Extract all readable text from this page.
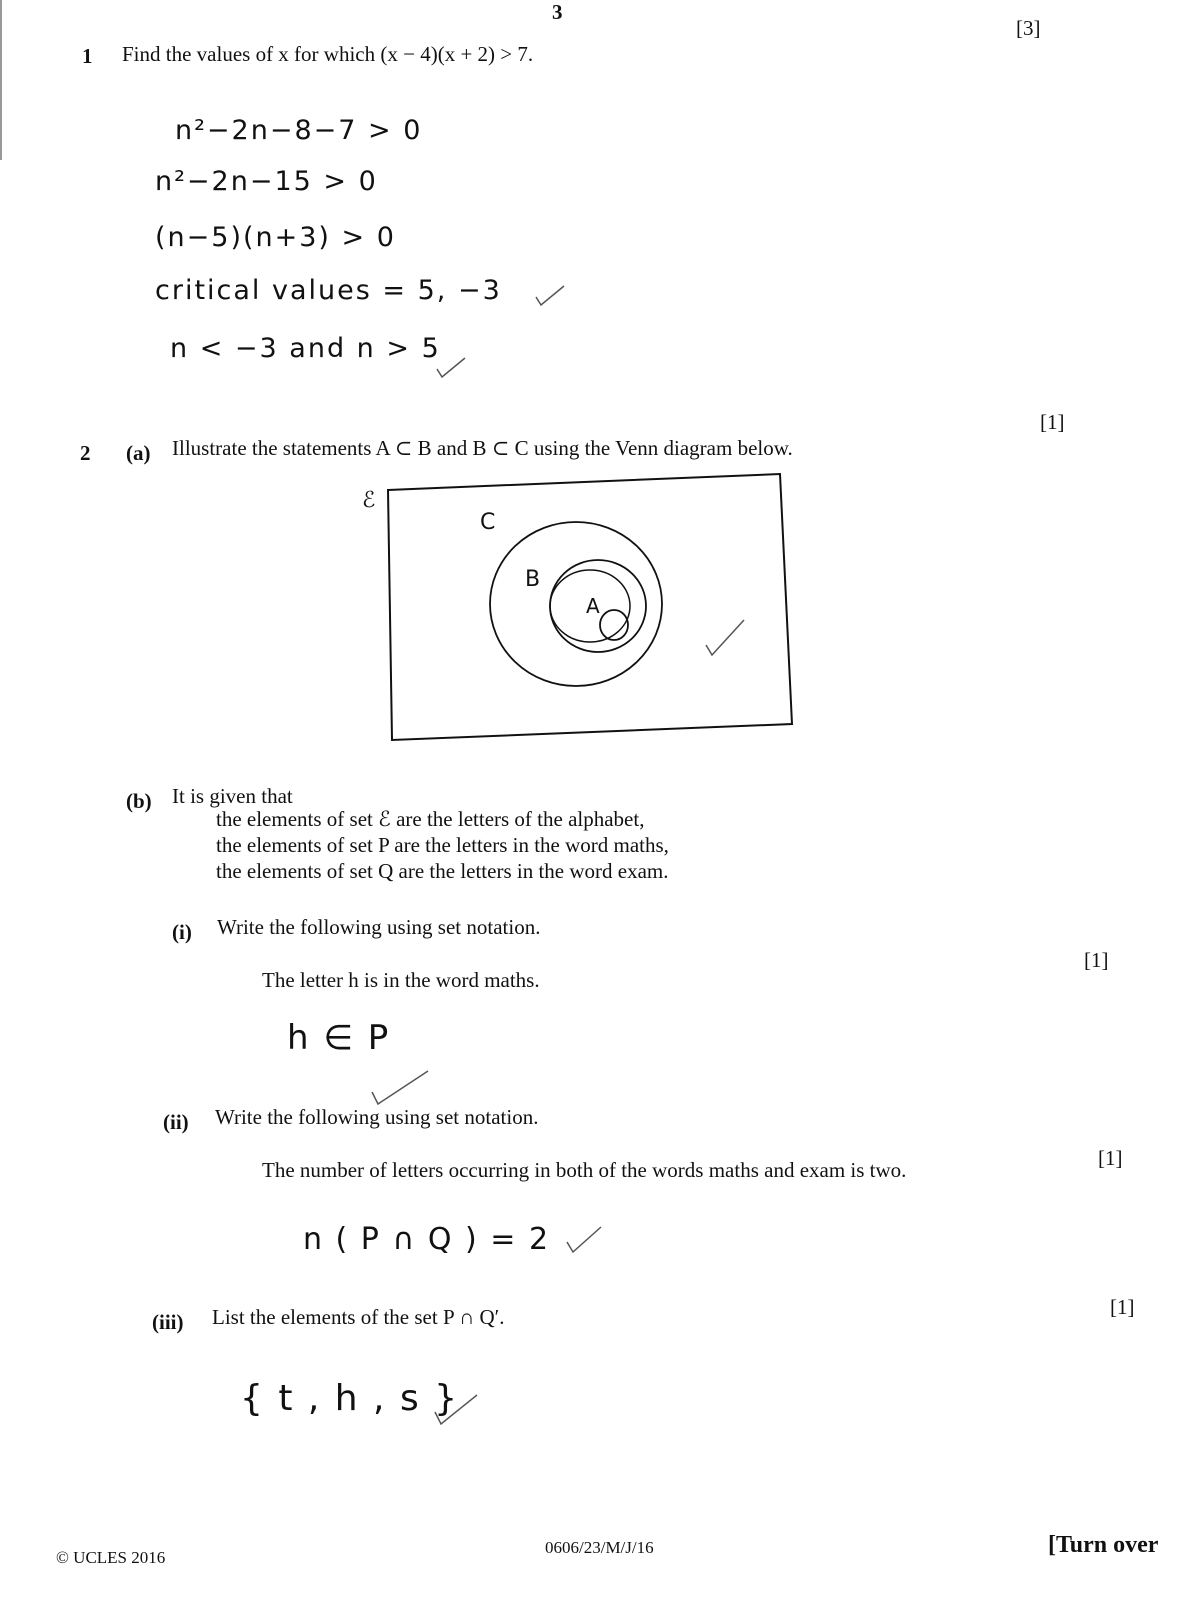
3
[3]
1 Find the values of x for which (x − 4)(x + 2) > 7.
n²−2n−8−7 > 0
n²−2n−15 > 0
(n−5)(n+3) > 0
critical values = 5, −3
n < −3 and n > 5
[1]
2 (a) Illustrate the statements A ⊂ B and B ⊂ C using the Venn diagram below.
ℰ
C
B
A
(b) It is given that
the elements of set ℰ are the letters of the alphabet,
the elements of set P are the letters in the word maths,
the elements of set Q are the letters in the word exam.
(i) Write the following using set notation.
[1]
The letter h is in the word maths.
h ∈ P
(ii) Write the following using set notation.
[1]
The number of letters occurring in both of the words maths and exam is two.
n ( P ∩ Q ) = 2
(iii) List the elements of the set P ∩ Q′.	[1]
{ t , h , s }
© UCLES 2016
0606/23/M/J/16	[Turn over
